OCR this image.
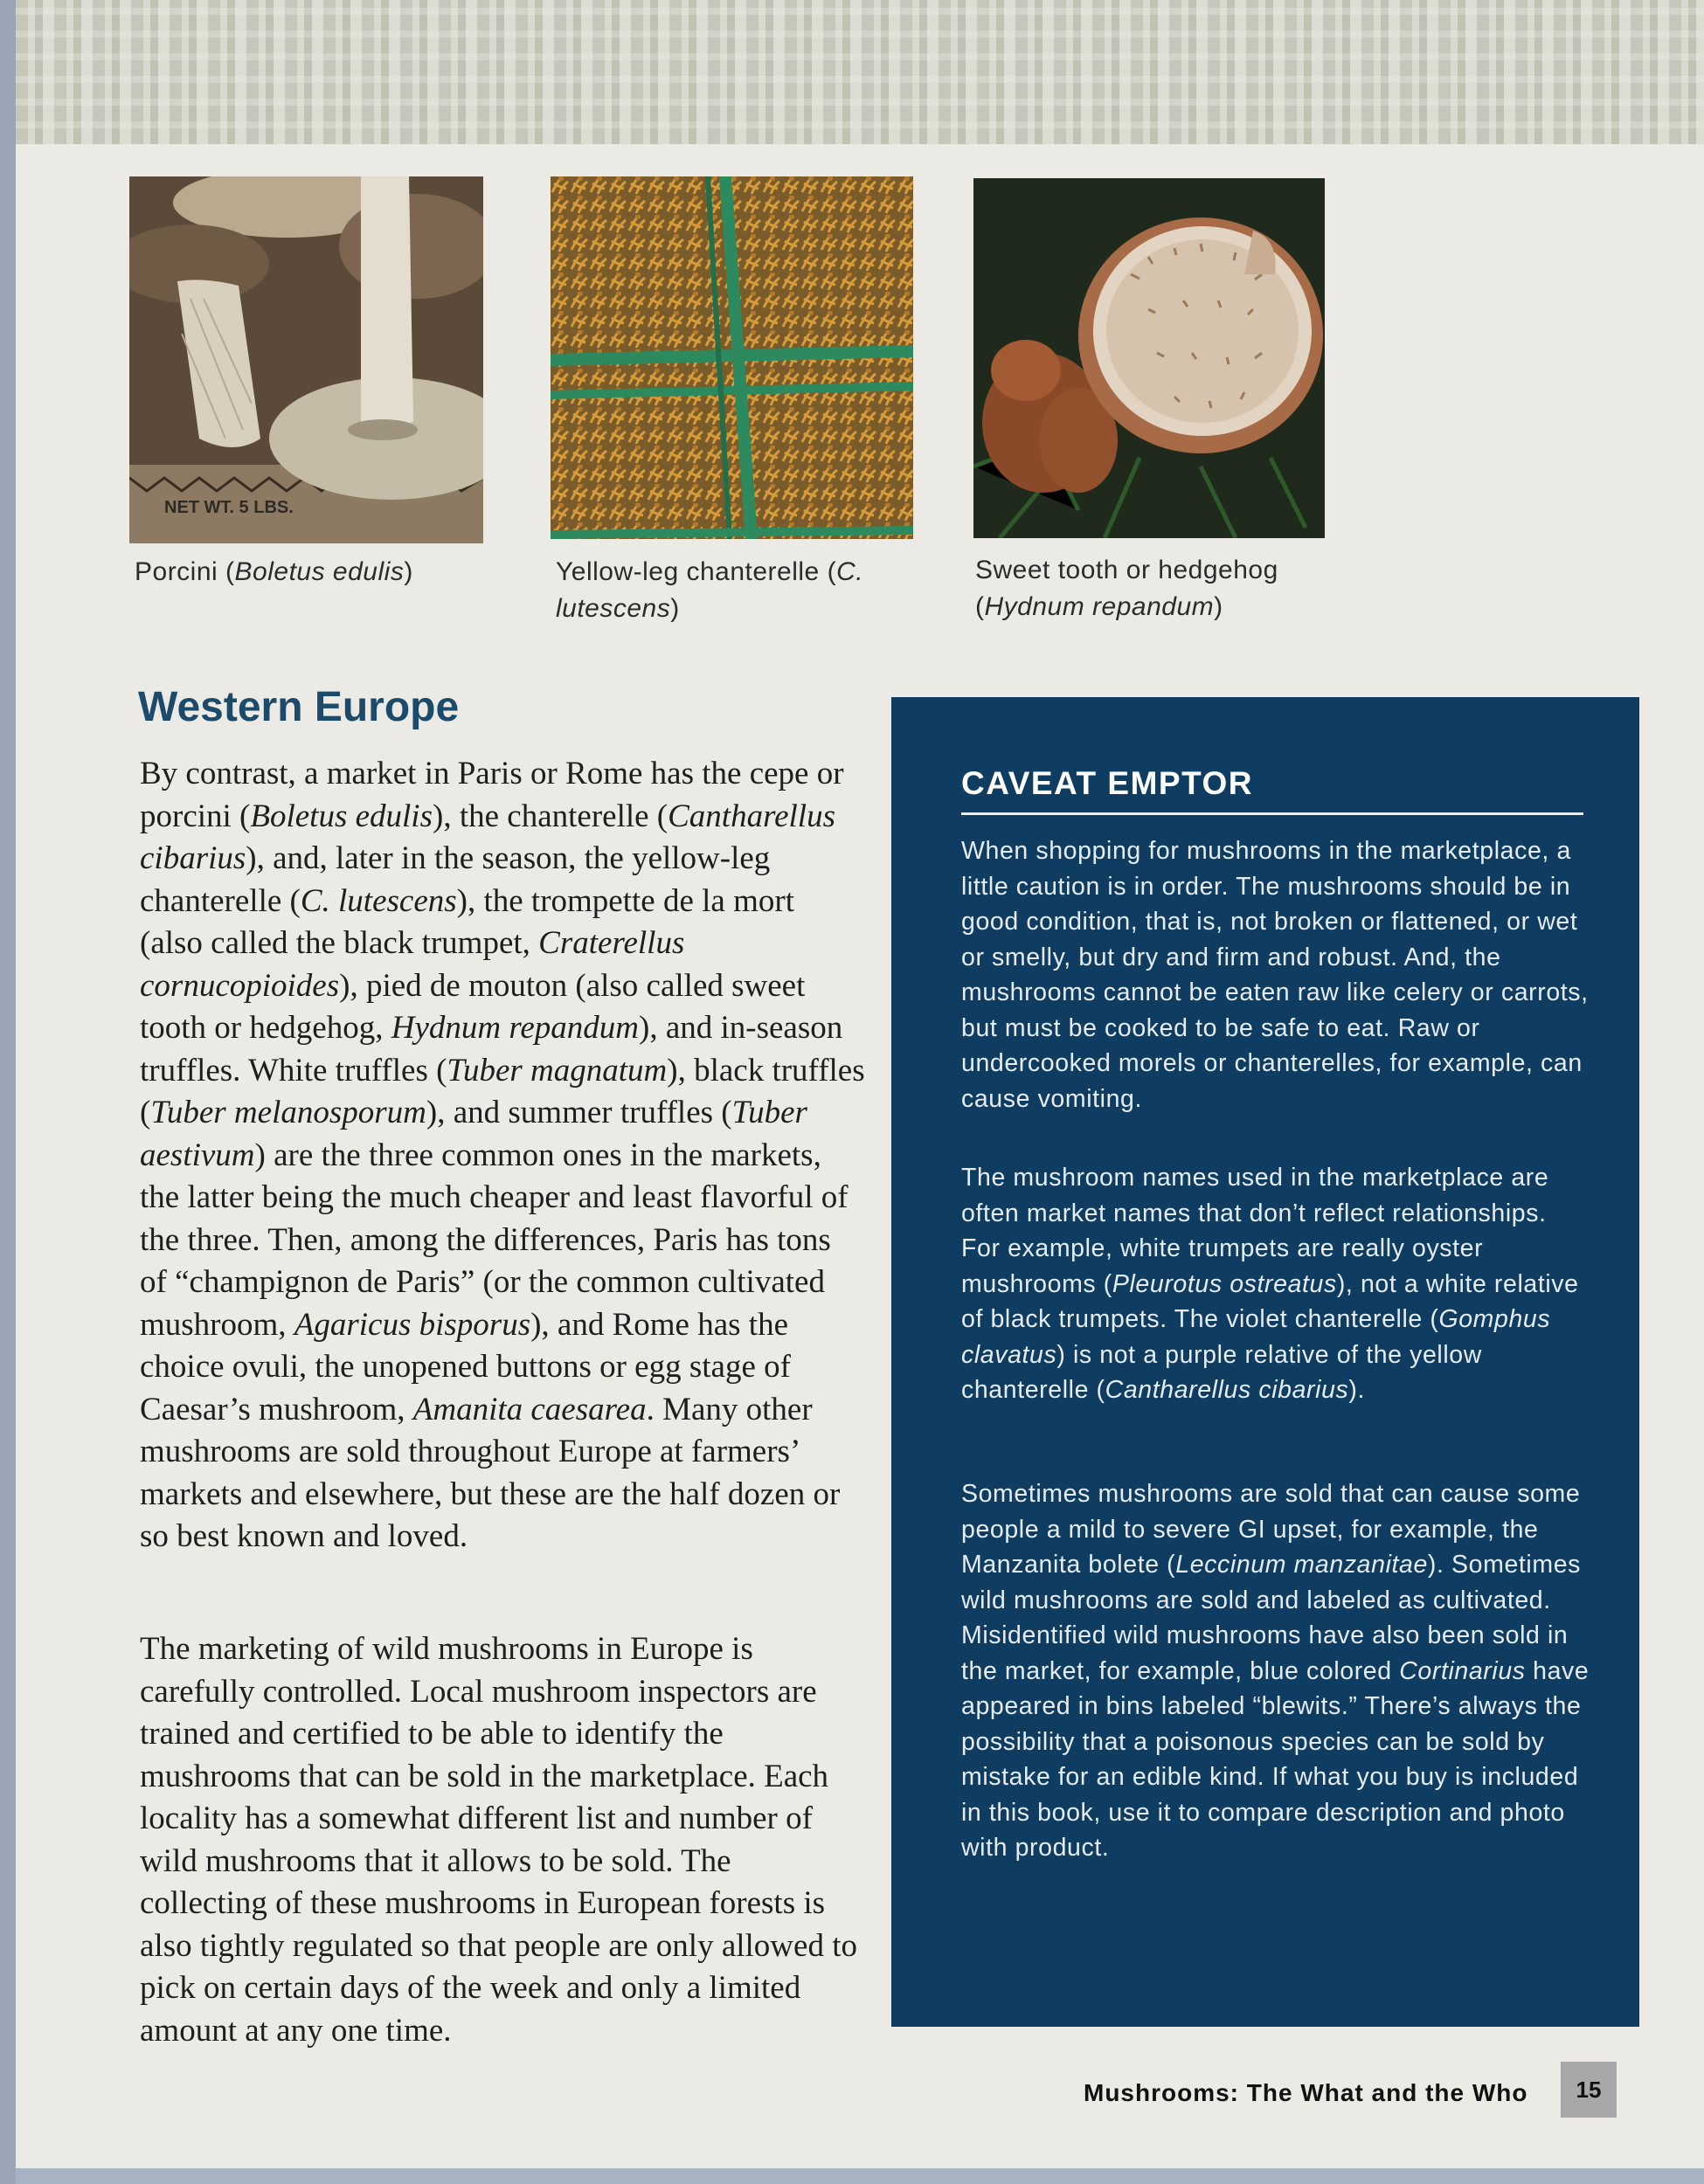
NET WT. 5 LBS.
Porcini (Boletus edulis)	Yellow-leg chanterelle (C. lutescens)
Sweet tooth or hedgehog (Hydnum repandum)
Western Europe

By contrast, a market in Paris or Rome has the cepe or porcini (Boletus edulis), the chanterelle (Cantharellus cibarius), and, later in the season, the yellow-leg chanterelle (C. lutescens), the trompette de la mort (also called the black trumpet, Craterellus cornucopioides), pied de mouton (also called sweet tooth or hedgehog, Hydnum repandum), and in-season truffles. White truffles (Tuber magnatum), black truffles (Tuber melanosporum), and summer truffles (Tuber aestivum) are the three common ones in the markets, the latter being the much cheaper and least flavorful of the three. Then, among the differences, Paris has tons of “champignon de Paris” (or the common cultivated mushroom, Agaricus bisporus), and Rome has the choice ovuli, the unopened buttons or egg stage of Caesar’s mushroom, Amanita caesarea. Many other mushrooms are sold throughout Europe at farmers’ markets and elsewhere, but these are the half dozen or so best known and loved.

The marketing of wild mushrooms in Europe is carefully controlled. Local mushroom inspectors are trained and certified to be able to identify the mushrooms that can be sold in the marketplace. Each locality has a somewhat different list and number of wild mushrooms that it allows to be sold. The collecting of these mushrooms in European forests is also tightly regulated so that people are only allowed to pick on certain days of the week and only a limited amount at any one time.

CAVEAT EMPTOR

When shopping for mushrooms in the marketplace, a little caution is in order. The mushrooms should be in good condition, that is, not broken or flattened, or wet or smelly, but dry and firm and robust. And, the mushrooms cannot be eaten raw like celery or carrots, but must be cooked to be safe to eat. Raw or undercooked morels or chanterelles, for example, can cause vomiting.

The mushroom names used in the marketplace are often market names that don’t reflect relationships. For example, white trumpets are really oyster mushrooms (Pleurotus ostreatus), not a white relative of black trumpets. The violet chanterelle (Gomphus clavatus) is not a purple relative of the yellow chanterelle (Cantharellus cibarius).

Sometimes mushrooms are sold that can cause some people a mild to severe GI upset, for example, the Manzanita bolete (Leccinum manzanitae). Sometimes wild mushrooms are sold and labeled as cultivated. Misidentified wild mushrooms have also been sold in the market, for example, blue colored Cortinarius have appeared in bins labeled “blewits.” There’s always the possibility that a poisonous species can be sold by mistake for an edible kind. If what you buy is included in this book, use it to compare description and photo with product.

Mushrooms: The What and the Who	15
